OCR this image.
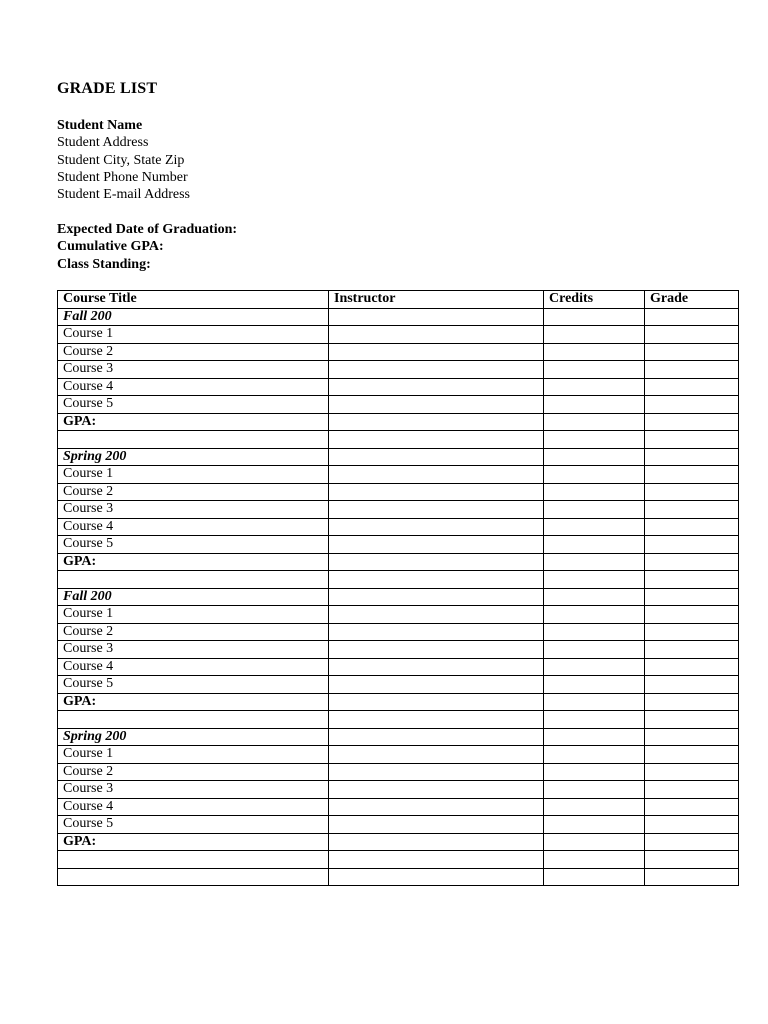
GRADE LIST
Student Name
Student Address
Student City, State Zip
Student Phone Number
Student E-mail Address
Expected Date of Graduation:
Cumulative GPA:
Class Standing:
Course Title	Instructor	Credits	Grade
Fall 200			
Course 1			
Course 2			
Course 3			
Course 4			
Course 5			
GPA:			

Spring 200			
Course 1			
Course 2			
Course 3			
Course 4			
Course 5			
GPA:			

Fall 200			
Course 1			
Course 2			
Course 3			
Course 4			
Course 5			
GPA:			

Spring 200			
Course 1			
Course 2			
Course 3			
Course 4			
Course 5			
GPA:			
